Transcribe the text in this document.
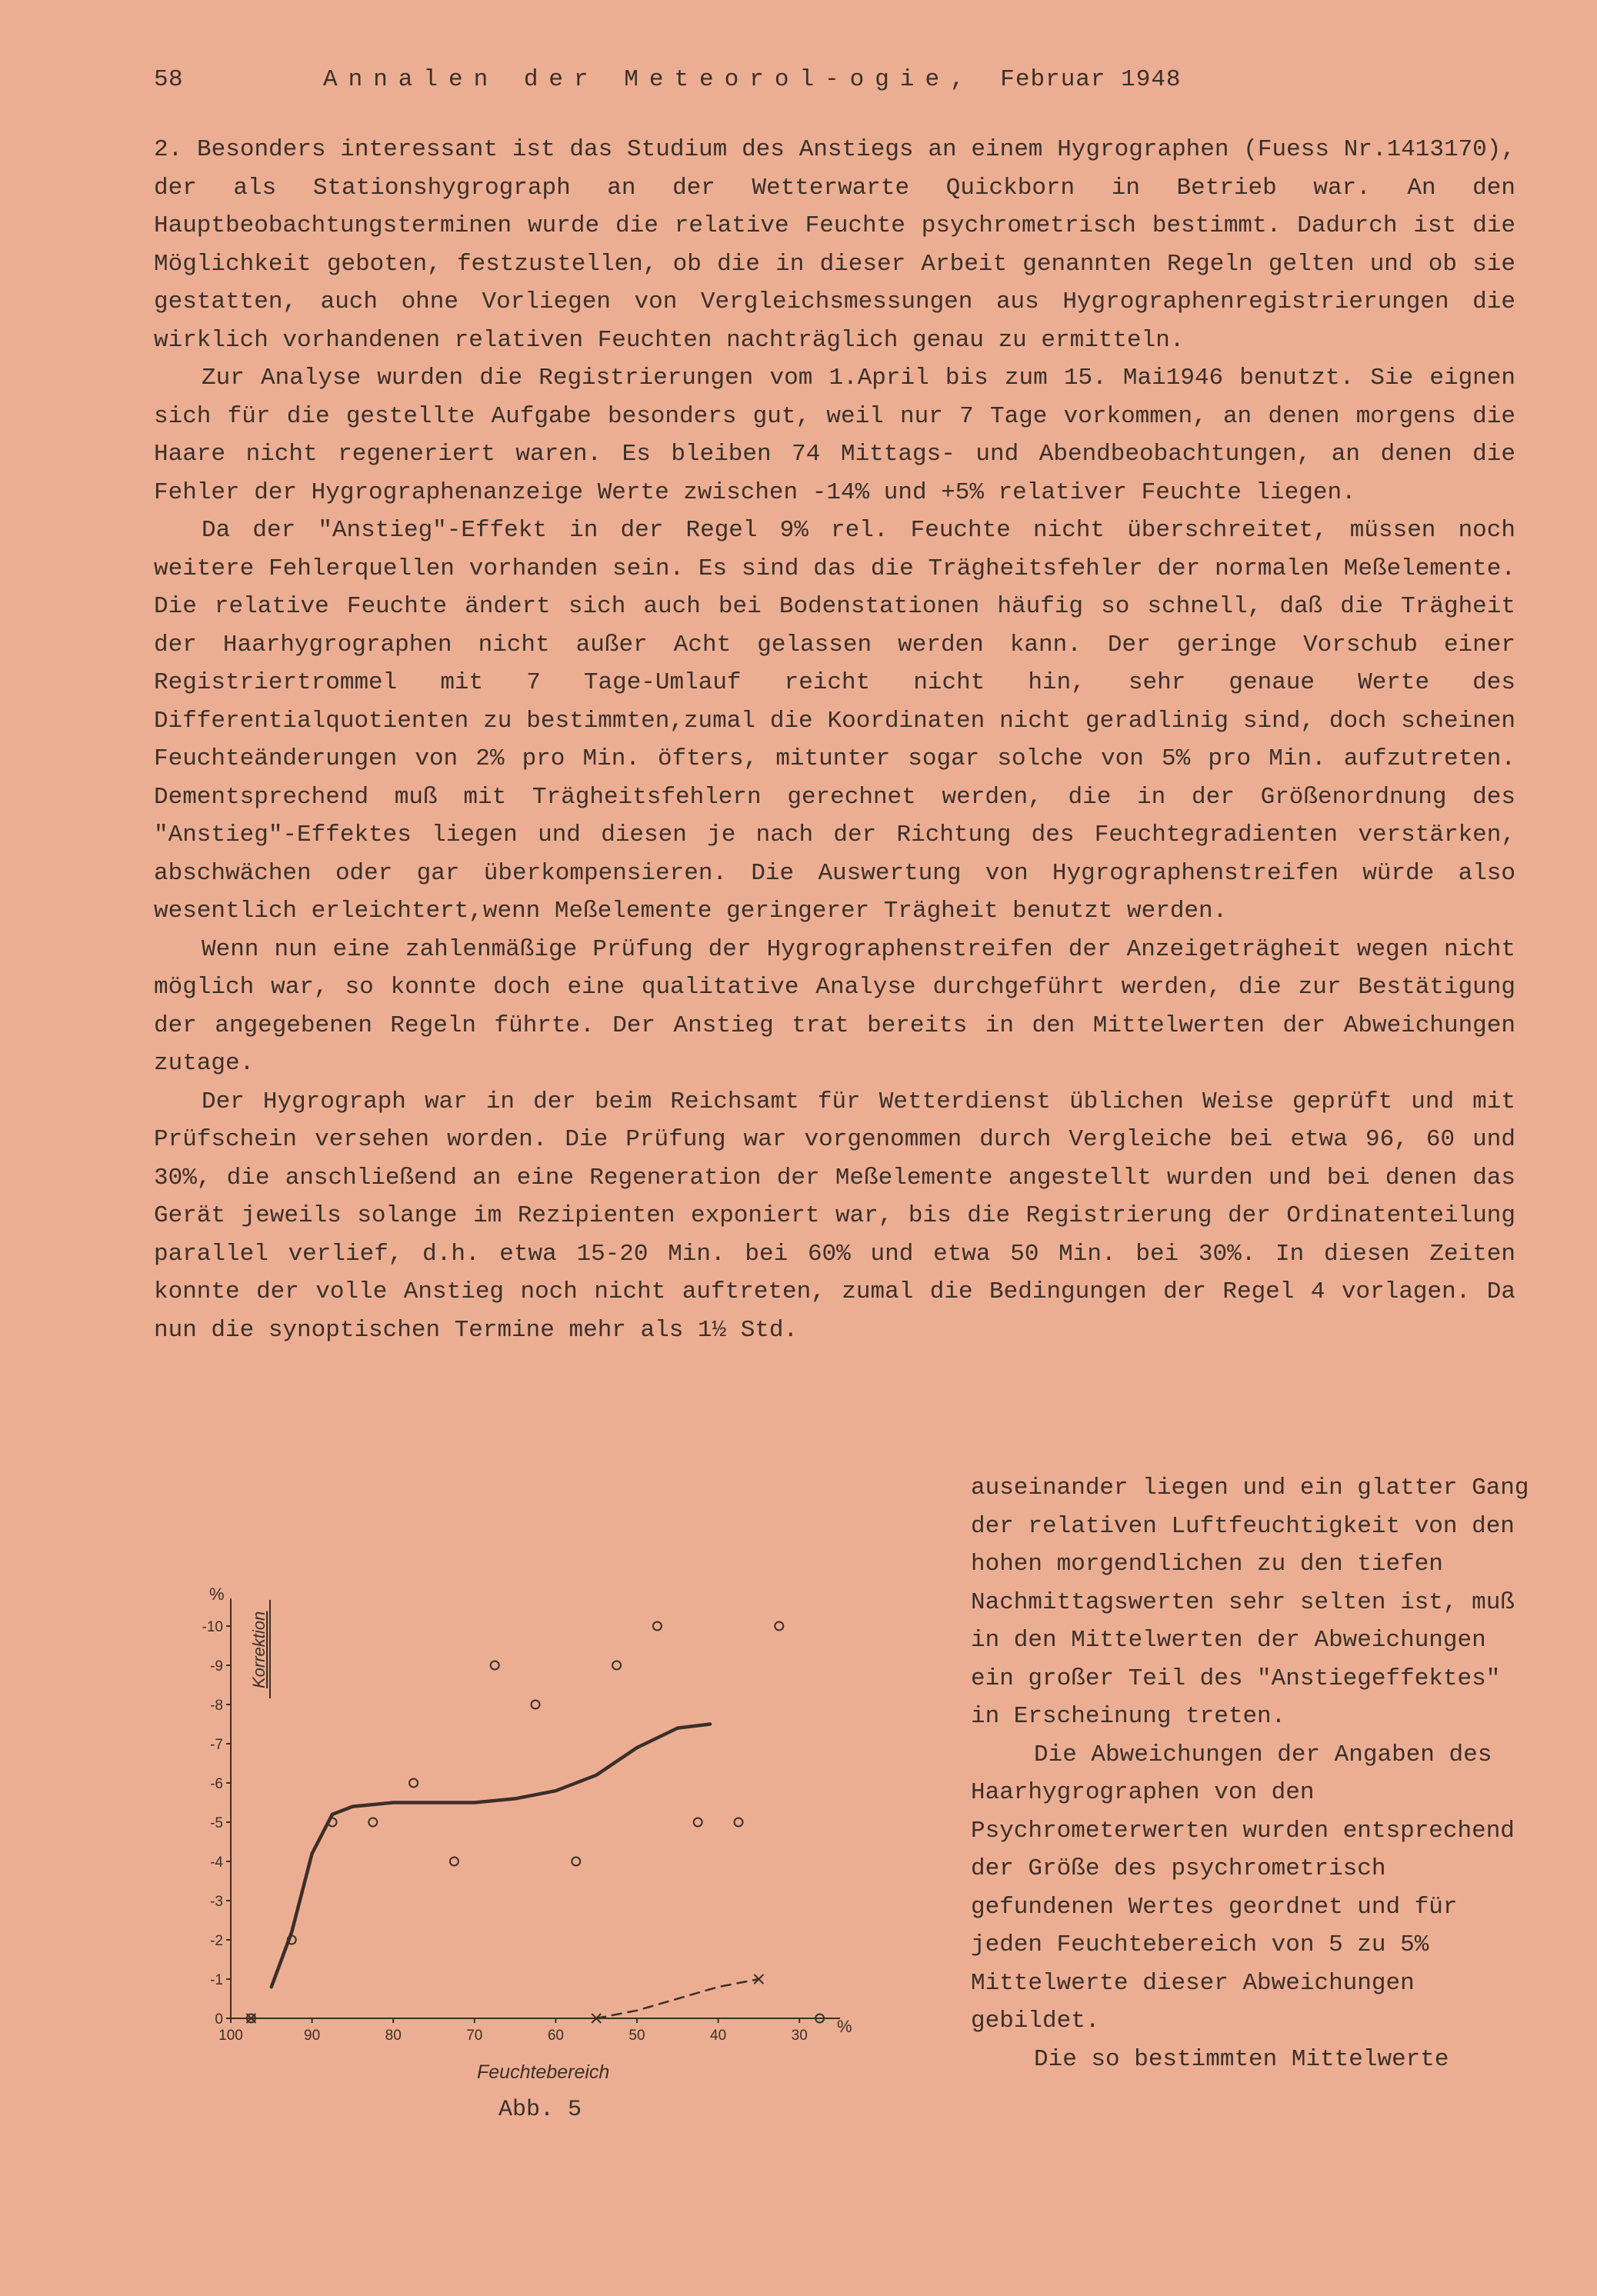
58	Annalen der Meteorol-ogie, Februar 1948

2. Besonders interessant ist das Studium des Anstiegs an einem Hygrographen (Fuess Nr.1413170), der als Stationshygrograph an der Wetterwarte Quickborn in Betrieb war. An den Hauptbeobachtungsterminen wurde die relative Feuchte psychrometrisch bestimmt. Dadurch ist die Möglichkeit geboten, festzustellen, ob die in dieser Arbeit genannten Regeln gelten und ob sie gestatten, auch ohne Vorliegen von Vergleichsmessungen aus Hygrographenregistrierungen die wirklich vorhandenen relativen Feuchten nachträglich genau zu ermitteln.

Zur Analyse wurden die Registrierungen vom 1.April bis zum 15. Mai1946 benutzt. Sie eignen sich für die gestellte Aufgabe besonders gut, weil nur 7 Tage vorkommen, an denen morgens die Haare nicht regeneriert waren. Es bleiben 74 Mittags- und Abendbeobachtungen, an denen die Fehler der Hygrographenanzeige Werte zwischen -14% und +5% relativer Feuchte liegen.

Da der "Anstieg"-Effekt in der Regel 9% rel. Feuchte nicht überschreitet, müssen noch weitere Fehlerquellen vorhanden sein. Es sind das die Trägheitsfehler der normalen Meßelemente. Die relative Feuchte ändert sich auch bei Bodenstationen häufig so schnell, daß die Trägheit der Haarhygrographen nicht außer Acht gelassen werden kann. Der geringe Vorschub einer Registriertrommel mit 7 Tage-Umlauf reicht nicht hin, sehr genaue Werte des Differentialquotienten zu bestimmten,zumal die Koordinaten nicht geradlinig sind, doch scheinen Feuchteänderungen von 2% pro Min. öfters, mitunter sogar solche von 5% pro Min. aufzutreten. Dementsprechend muß mit Trägheitsfehlern gerechnet werden, die in der Größenordnung des "Anstieg"-Effektes liegen und diesen je nach der Richtung des Feuchtegradienten verstärken, abschwächen oder gar überkompensieren. Die Auswertung von Hygrographenstreifen würde also wesentlich erleichtert,wenn Meßelemente geringerer Trägheit benutzt werden.

Wenn nun eine zahlenmäßige Prüfung der Hygrographenstreifen der Anzeigeträgheit wegen nicht möglich war, so konnte doch eine qualitative Analyse durchgeführt werden, die zur Bestätigung der angegebenen Regeln führte. Der Anstieg trat bereits in den Mittelwerten der Abweichungen zutage.

Der Hygrograph war in der beim Reichsamt für Wetterdienst üblichen Weise geprüft und mit Prüfschein versehen worden. Die Prüfung war vorgenommen durch Vergleiche bei etwa 96, 60 und 30%, die anschließend an eine Regeneration der Meßelemente angestellt wurden und bei denen das Gerät jeweils solange im Rezipienten exponiert war, bis die Registrierung der Ordinatenteilung parallel verlief, d.h. etwa 15-20 Min. bei 60% und etwa 50 Min. bei 30%. In diesen Zeiten konnte der volle Anstieg noch nicht auftreten, zumal die Bedingungen der Regel 4 vorlagen. Da nun die synoptischen Termine mehr als 1½ Std.

auseinander liegen und ein glatter Gang der relativen Luftfeuchtigkeit von den hohen morgendlichen zu den tiefen Nachmittagswerten sehr selten ist, muß in den Mittelwerten der Abweichungen ein großer Teil des "Anstiegeffektes" in Erscheinung treten.

Die Abweichungen der Angaben des Haarhygrographen von den Psychrometerwerten wurden entsprechend der Größe des psychrometrisch gefundenen Wertes geordnet und für jeden Feuchtebereich von 5 zu 5% Mittelwerte dieser Abweichungen gebildet.

Die so bestimmten Mittelwerte

0
-1
-2
-3
-4
-5
-6
-7
-8
-9
-10
100	90	80	70	60	50	40	30
%
%
Korrektion
Feuchtebereich
Abb. 5
